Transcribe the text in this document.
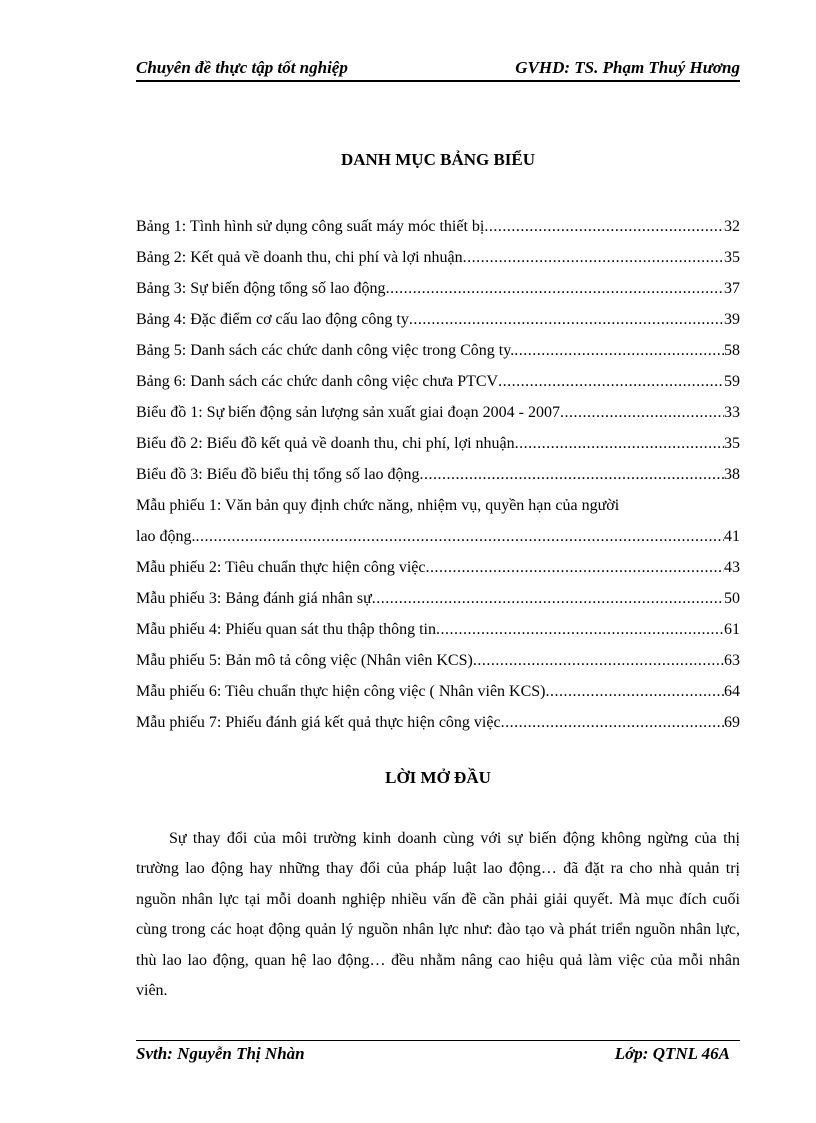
Chuyên đề thực tập tốt nghiệp	GVHD: TS. Phạm Thuý Hương
DANH MỤC BẢNG BIỂU
Bảng 1: Tình hình sử dụng công suất máy móc thiết bị .....	32
Bảng 2: Kết quả về doanh thu, chi phí và lợi nhuận .....	35
Bảng 3: Sự biến động tổng số lao động .....	37
Bảng 4: Đặc điểm cơ cấu lao động công ty .....	39
Bảng 5: Danh sách các chức danh công việc trong Công ty. .....	58
Bảng 6: Danh sách các chức danh công việc chưa PTCV .....	59
Biểu đồ 1: Sự biến động sản lượng sản xuất giai đoạn 2004 - 2007 .....	33
Biểu đồ 2: Biểu đồ kết quả về doanh thu, chi phí, lợi nhuận .....	35
Biểu đồ 3: Biểu đồ biểu thị tổng số lao động .....	38
Mẫu phiếu 1: Văn bản quy định chức năng, nhiệm vụ, quyền hạn của người
lao động. .....	41
Mẫu phiếu 2: Tiêu chuẩn thực hiện công việc .....	43
Mẫu phiếu 3: Bảng đánh giá nhân sự .....	50
Mẫu phiếu 4: Phiếu quan sát thu thập thông tin .....	61
Mẫu phiếu 5: Bản mô tả công việc (Nhân viên KCS) .....	63
Mẫu phiếu 6: Tiêu chuẩn thực hiện công việc ( Nhân viên KCS) .....	64
Mẫu phiếu 7: Phiếu đánh giá kết quả thực hiện công việc .....	69
LỜI MỞ ĐẦU
Sự thay đổi của môi trường kinh doanh cùng với sự biến động không ngừng của thị trường lao động hay những thay đổi của pháp luật lao động… đã đặt ra cho nhà quản trị nguồn nhân lực tại mỗi doanh nghiệp nhiều vấn đề cần phải giải quyết. Mà mục đích cuối cùng trong các hoạt động quản lý nguồn nhân lực như: đào tạo và phát triển nguồn nhân lực, thù lao lao động, quan hệ lao động… đều nhằm nâng cao hiệu quả làm việc của mỗi nhân viên.
Svth: Nguyễn Thị Nhàn	Lớp: QTNL 46A
